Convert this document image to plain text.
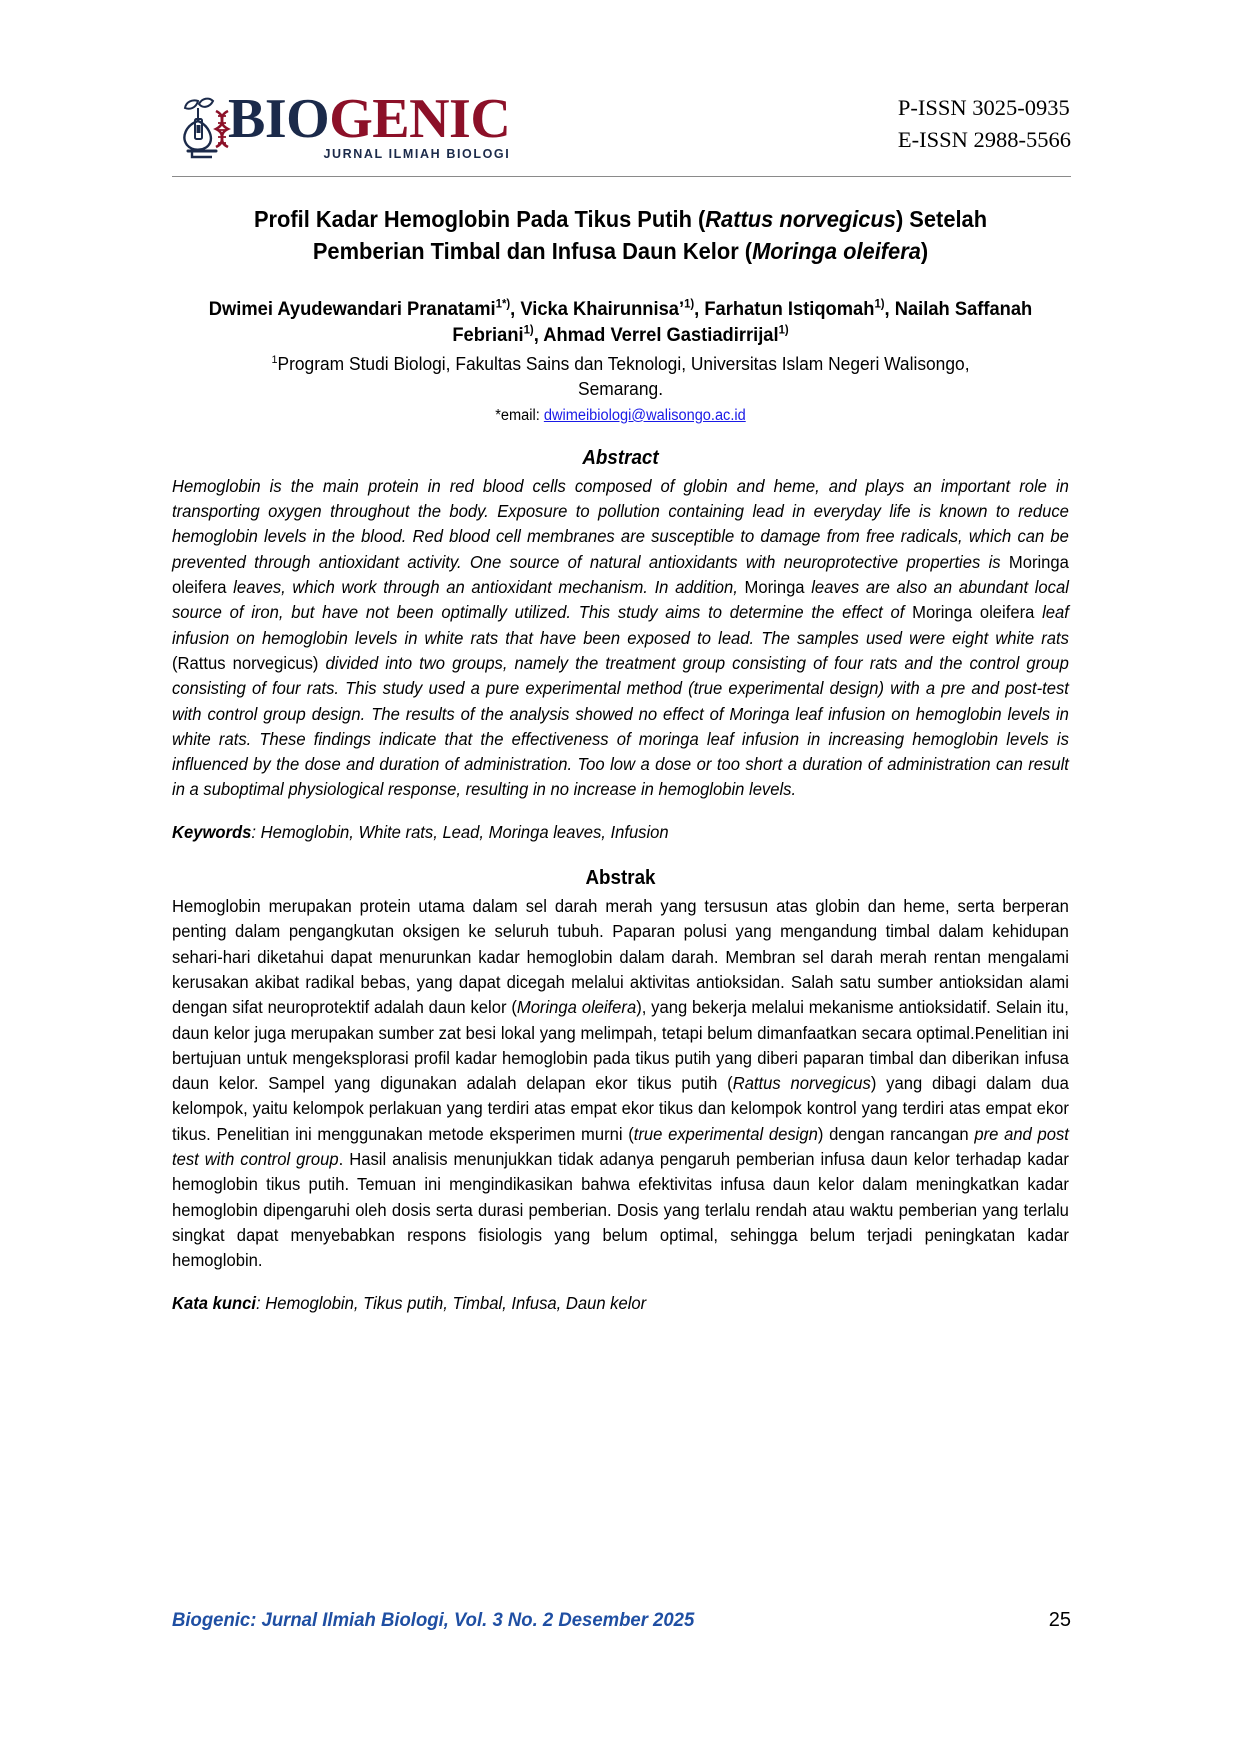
BIOGENIC
JURNAL ILMIAH BIOLOGI
P-ISSN 3025-0935
E-ISSN 2988-5566
Profil Kadar Hemoglobin Pada Tikus Putih (Rattus norvegicus) Setelah
Pemberian Timbal dan Infusa Daun Kelor (Moringa oleifera)
Dwimei Ayudewandari Pranatami$^{1*)}$, Vicka Khairunnisa’$^{1)}$, Farhatun Istiqomah$^{1)}$, Nailah Saffanah Febriani$^{1)}$, Ahmad Verrel Gastiadirrijal$^{1)}$
$^1$Program Studi Biologi, Fakultas Sains dan Teknologi, Universitas Islam Negeri Walisongo,
Semarang.
*email: dwimeibiologi@walisongo.ac.id
Abstract
Hemoglobin is the main protein in red blood cells composed of globin and heme, and plays an important role in transporting oxygen throughout the body. Exposure to pollution containing lead in everyday life is known to reduce hemoglobin levels in the blood. Red blood cell membranes are susceptible to damage from free radicals, which can be prevented through antioxidant activity. One source of natural antioxidants with neuroprotective properties is Moringa oleifera leaves, which work through an antioxidant mechanism. In addition, Moringa leaves are also an abundant local source of iron, but have not been optimally utilized. This study aims to determine the effect of Moringa oleifera leaf infusion on hemoglobin levels in white rats that have been exposed to lead. The samples used were eight white rats (Rattus norvegicus) divided into two groups, namely the treatment group consisting of four rats and the control group consisting of four rats. This study used a pure experimental method (true experimental design) with a pre and post-test with control group design. The results of the analysis showed no effect of Moringa leaf infusion on hemoglobin levels in white rats. These findings indicate that the effectiveness of moringa leaf infusion in increasing hemoglobin levels is influenced by the dose and duration of administration. Too low a dose or too short a duration of administration can result in a suboptimal physiological response, resulting in no increase in hemoglobin levels.
Keywords: Hemoglobin, White rats, Lead, Moringa leaves, Infusion
Abstrak
Hemoglobin merupakan protein utama dalam sel darah merah yang tersusun atas globin dan heme, serta berperan penting dalam pengangkutan oksigen ke seluruh tubuh. Paparan polusi yang mengandung timbal dalam kehidupan sehari-hari diketahui dapat menurunkan kadar hemoglobin dalam darah. Membran sel darah merah rentan mengalami kerusakan akibat radikal bebas, yang dapat dicegah melalui aktivitas antioksidan. Salah satu sumber antioksidan alami dengan sifat neuroprotektif adalah daun kelor (Moringa oleifera), yang bekerja melalui mekanisme antioksidatif. Selain itu, daun kelor juga merupakan sumber zat besi lokal yang melimpah, tetapi belum dimanfaatkan secara optimal.Penelitian ini bertujuan untuk mengeksplorasi profil kadar hemoglobin pada tikus putih yang diberi paparan timbal dan diberikan infusa daun kelor. Sampel yang digunakan adalah delapan ekor tikus putih (Rattus norvegicus) yang dibagi dalam dua kelompok, yaitu kelompok perlakuan yang terdiri atas empat ekor tikus dan kelompok kontrol yang terdiri atas empat ekor tikus. Penelitian ini menggunakan metode eksperimen murni (true experimental design) dengan rancangan pre and post test with control group. Hasil analisis menunjukkan tidak adanya pengaruh pemberian infusa daun kelor terhadap kadar hemoglobin tikus putih. Temuan ini mengindikasikan bahwa efektivitas infusa daun kelor dalam meningkatkan kadar hemoglobin dipengaruhi oleh dosis serta durasi pemberian. Dosis yang terlalu rendah atau waktu pemberian yang terlalu singkat dapat menyebabkan respons fisiologis yang belum optimal, sehingga belum terjadi peningkatan kadar hemoglobin.
Kata kunci: Hemoglobin, Tikus putih, Timbal, Infusa, Daun kelor
Biogenic: Jurnal Ilmiah Biologi, Vol. 3 No. 2 Desember 2025	25
